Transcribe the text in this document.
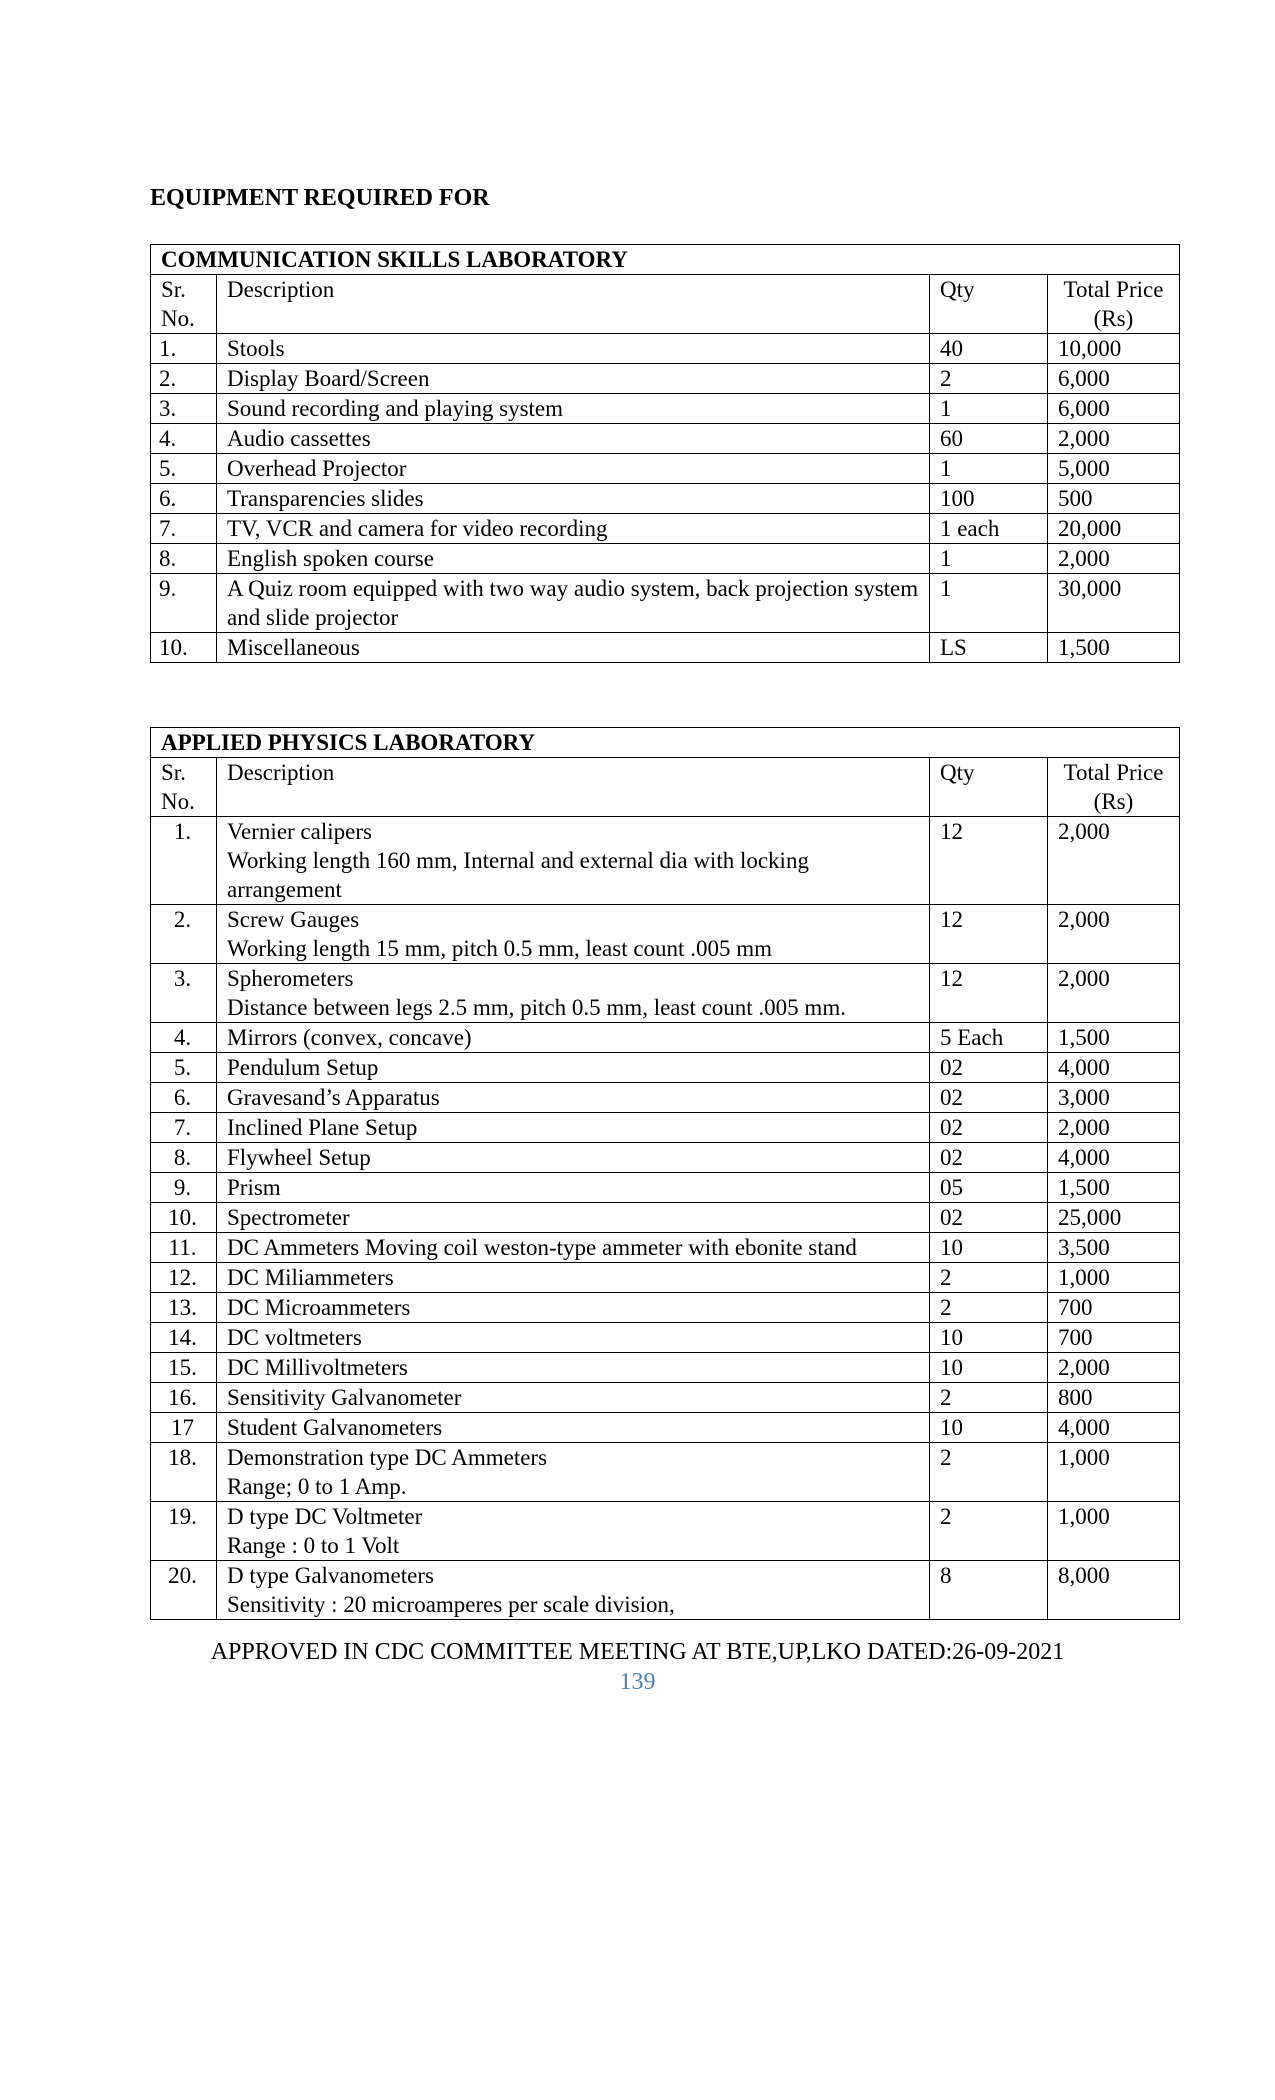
EQUIPMENT REQUIRED FOR
COMMUNICATION SKILLS LABORATORY			
Sr. No.	Description	Qty	Total Price (Rs)
1.	Stools	40	10,000
2.	Display Board/Screen	2	6,000
3.	Sound recording and playing system	1	6,000
4.	Audio cassettes	60	2,000
5.	Overhead Projector	1	5,000
6.	Transparencies slides	100	500
7.	TV, VCR and camera for video recording	1 each	20,000
8.	English spoken course	1	2,000
9.	A Quiz room equipped with two way audio system, back projection system and slide projector	1	30,000
10.	Miscellaneous	LS	1,500
APPLIED PHYSICS LABORATORY			
Sr. No.	Description	Qty	Total Price (Rs)
1.	Vernier calipers
Working length 160 mm, Internal and external dia with locking arrangement	12	2,000
2.	Screw Gauges
Working length 15 mm, pitch 0.5 mm, least count .005 mm	12	2,000
3.	Spherometers
Distance between legs 2.5 mm, pitch 0.5 mm, least count .005 mm.	12	2,000
4.	Mirrors (convex, concave)	5 Each	1,500
5.	Pendulum Setup	02	4,000
6.	Gravesand’s Apparatus	02	3,000
7.	Inclined Plane Setup	02	2,000
8.	Flywheel Setup	02	4,000
9.	Prism	05	1,500
10.	Spectrometer	02	25,000
11.	DC Ammeters Moving coil weston-type ammeter with ebonite stand	10	3,500
12.	DC Miliammeters	2	1,000
13.	DC Microammeters	2	700
14.	DC voltmeters	10	700
15.	DC Millivoltmeters	10	2,000
16.	Sensitivity Galvanometer	2	800
17	Student Galvanometers	10	4,000
18.	Demonstration type DC Ammeters
Range; 0 to 1 Amp.	2	1,000
19.	D type DC Voltmeter
Range : 0 to 1 Volt	2	1,000
20.	D type Galvanometers
Sensitivity : 20 microamperes per scale division,	8	8,000
APPROVED IN CDC COMMITTEE MEETING AT BTE,UP,LKO DATED:26-09-2021
139
